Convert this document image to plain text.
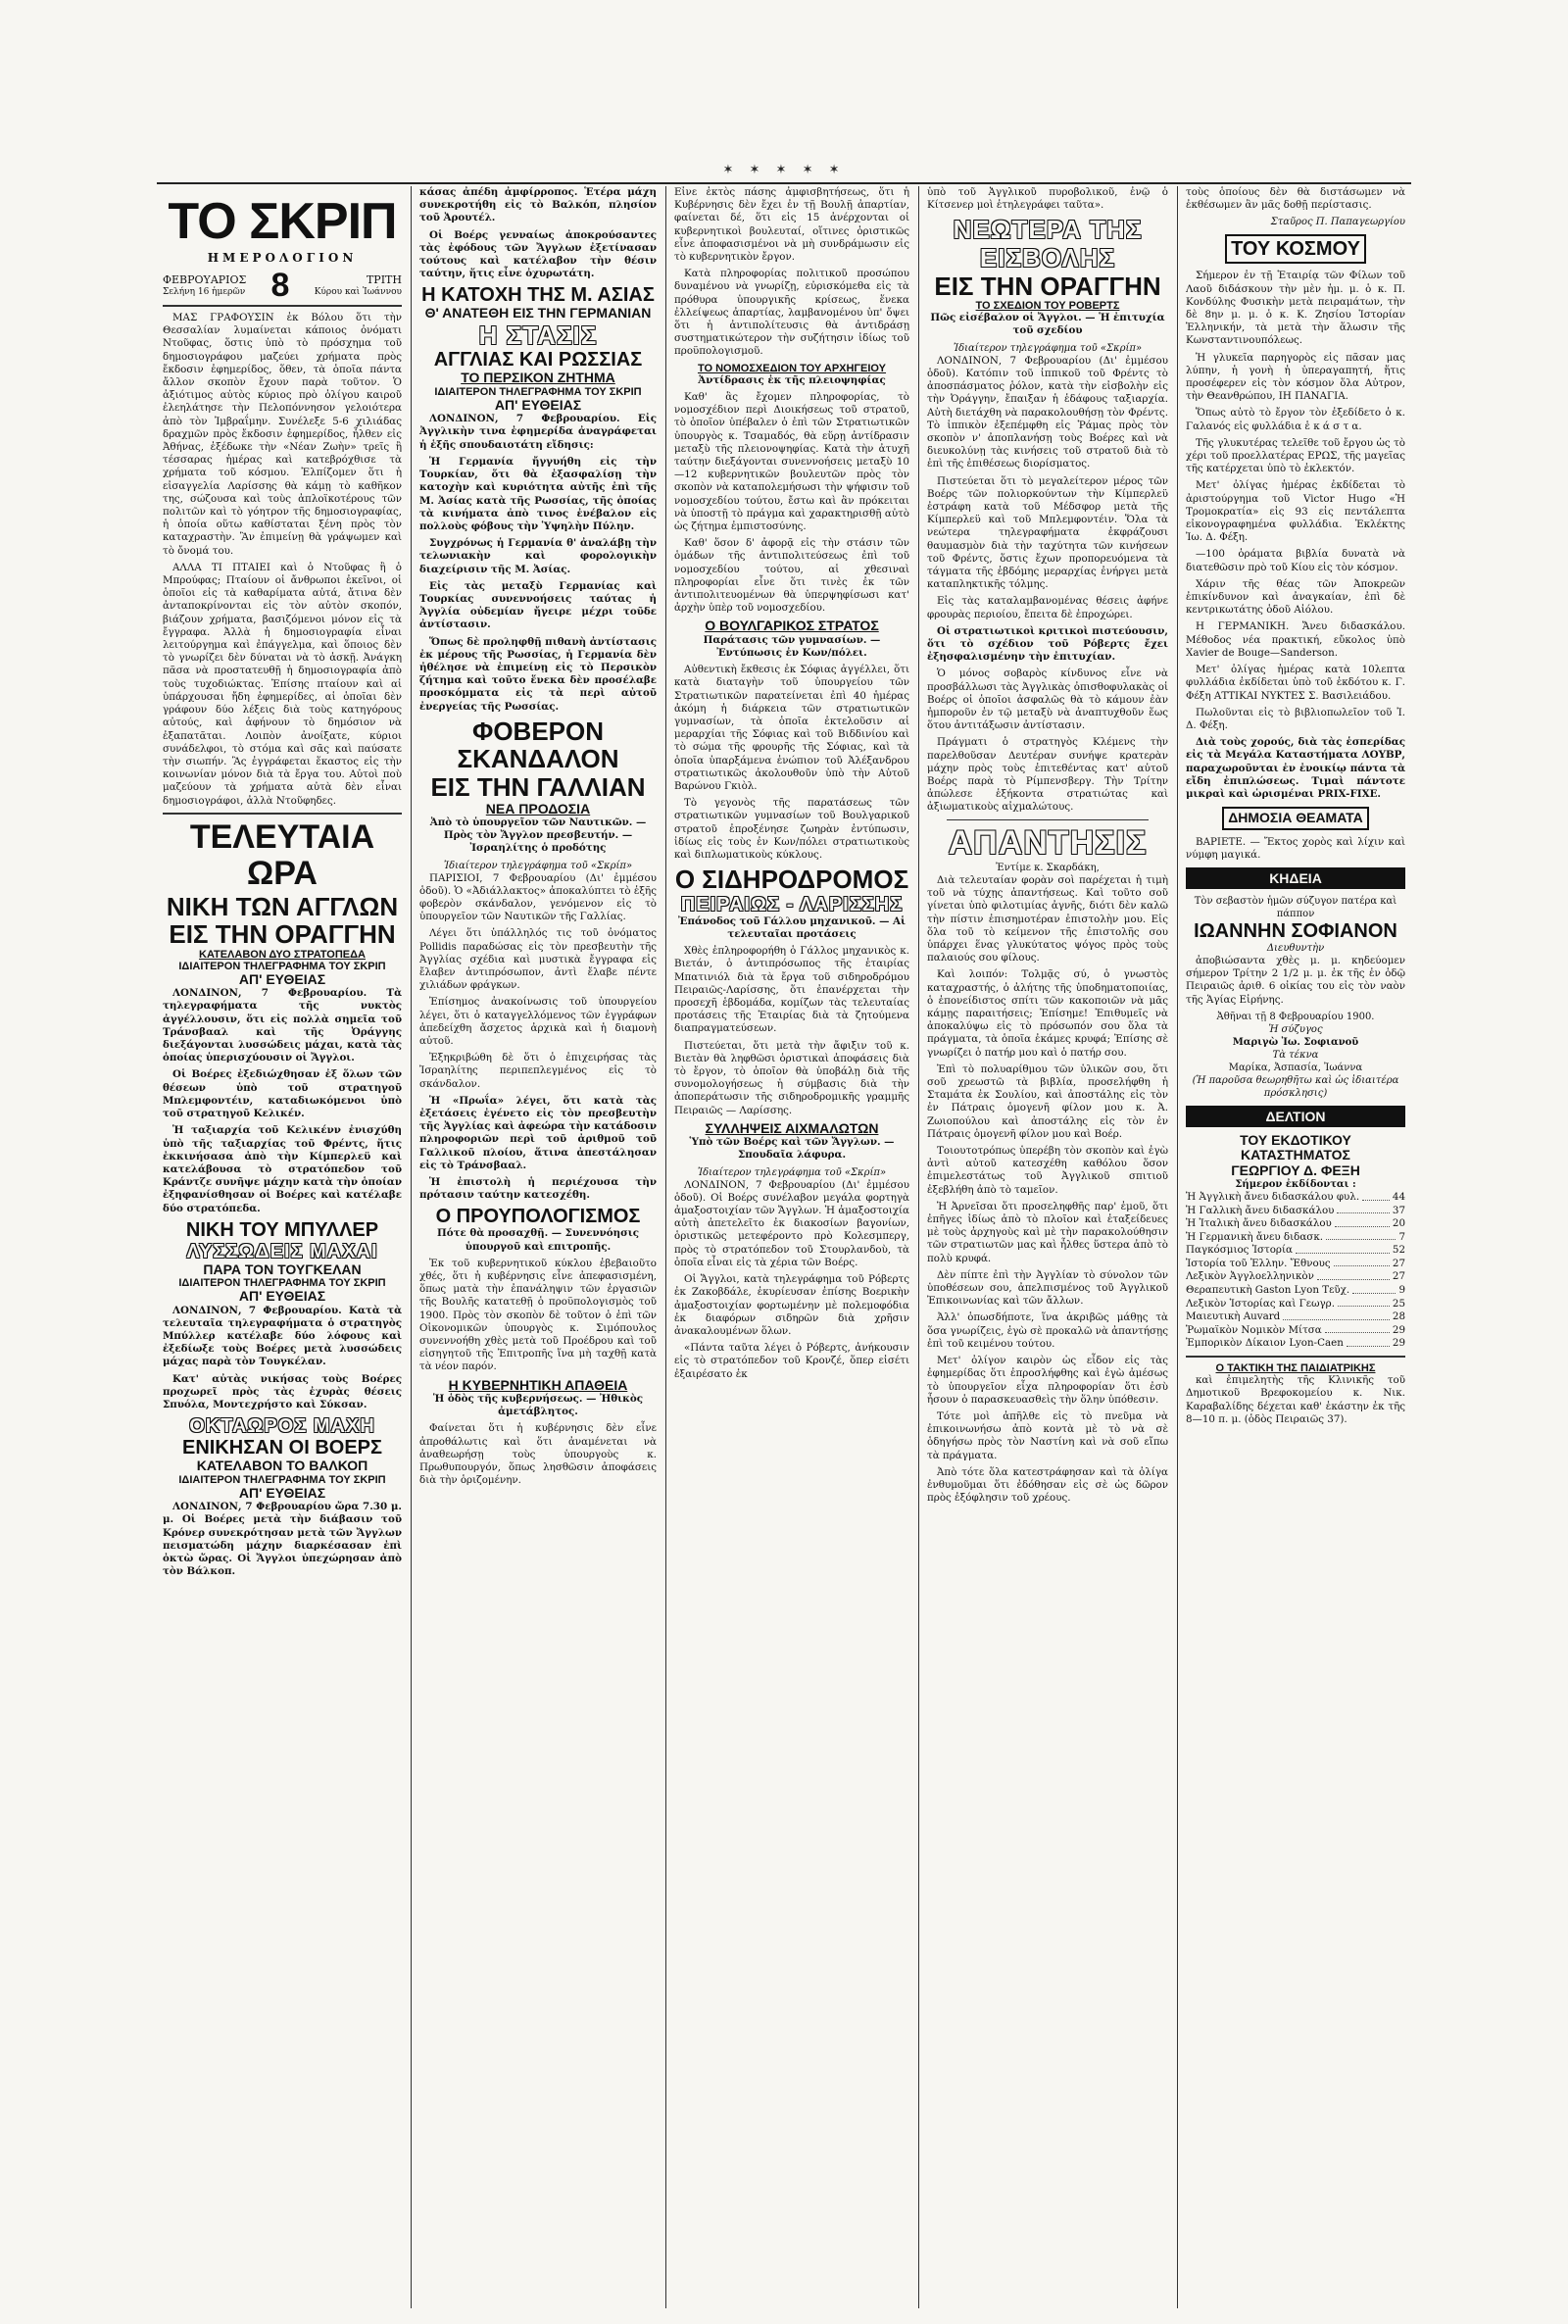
✶ ✶ ✶ ✶ ✶
ΤΟ ΣΚΡΙΠ
ΗΜΕΡΟΛΟΓΙΟΝ
ΦΕΒΡΟΥΑΡΙΟΣ
Σελήνη 16 ἡμερῶν 8	ΤΡΙΤΗ
Κύρου καὶ Ἰωάννου

ΜΑΣ ΓΡΑΦΟΥΣΙΝ ἐκ Βόλου ὅτι τὴν Θεσσαλίαν λυμαίνεται κάποιος ὀνόματι Ντοῦφας, ὅστις ὑπὸ τὸ πρόσχημα τοῦ δημοσιογράφου μαζεύει χρήματα πρὸς ἔκδοσιν ἐφημερίδος, ὅθεν, τὰ ὁποῖα πάντα ἄλλον σκοπὸν ἔχουν παρὰ τοῦτον. Ὁ ἀξιότιμος αὐτὸς κύριος πρὸ ὀλίγου καιροῦ ἐλεηλάτησε τὴν Πελοπόννησον γελοιότερα ἀπὸ τὸν Ἰμβραΐμην. Συνέλεξε 5-6 χιλιάδας δραχμῶν πρὸς ἔκδοσιν ἐφημερίδος, ἦλθεν εἰς Ἀθήνας, ἐξέδωκε τὴν «Νέαν Ζωὴν» τρεῖς ἢ τέσσαρας ἡμέρας καὶ κατεβρόχθισε τὰ χρήματα τοῦ κόσμου. Ἐλπίζομεν ὅτι ἡ εἰσαγγελία Λαρίσσης θὰ κάμῃ τὸ καθῆκον της, σώζουσα καὶ τοὺς ἀπλοϊκοτέρους τῶν πολιτῶν καὶ τὸ γόητρον τῆς δημοσιογραφίας, ἡ ὁποία οὕτω καθίσταται ξένη πρὸς τὸν καταχραστὴν. Ἂν ἐπιμείνῃ θὰ γράψωμεν καὶ τὸ ὄνομά του.

ΑΛΛΑ ΤΙ ΠΤΑΙΕΙ καὶ ὁ Ντοῦφας ἢ ὁ Μπρούφας; Πταίουν οἱ ἄνθρωποι ἐκεῖνοι, οἱ ὁποῖοι εἰς τὰ καθαρίματα αὐτά, ἄτινα δὲν ἀνταποκρίνονται εἰς τὸν αὐτὸν σκοπόν, βιάζουν χρήματα, βασιζόμενοι μόνον εἰς τὰ ἔγγραφα. Ἀλλὰ ἡ δημοσιογραφία εἶναι λειτούργημα καὶ ἐπάγγελμα, καὶ ὅποιος δὲν τὸ γνωρίζει δὲν δύναται νὰ τὸ ἀσκῇ. Ἀνάγκη πᾶσα νὰ προστατευθῇ ἡ δημοσιογραφία ἀπὸ τοὺς τυχοδιώκτας. Ἐπίσης πταίουν καὶ αἱ ὑπάρχουσαι ἤδη ἐφημερίδες, αἱ ὁποῖαι δὲν γράφουν δύο λέξεις διὰ τοὺς κατηγόρους αὐτούς, καὶ ἀφήνουν τὸ δημόσιον νὰ ἐξαπατᾶται. Λοιπὸν ἀνοίξατε, κύριοι συνάδελφοι, τὸ στόμα καὶ σᾶς καὶ παύσατε τὴν σιωπήν. Ἂς ἐγγράφεται ἕκαστος εἰς τὴν κοινωνίαν μόνον διὰ τὰ ἔργα του. Αὐτοὶ ποὺ μαζεύουν τὰ χρήματα αὐτὰ δὲν εἶναι δημοσιογράφοι, ἀλλὰ Ντοῦφηδες.

ΤΕΛΕΥΤΑΙΑ ΩΡΑ
ΝΙΚΗ ΤΩΝ ΑΓΓΛΩΝ
ΕΙΣ ΤΗΝ ΟΡΑΓΓΗΝ
ΚΑΤΕΛΑΒΟΝ ΔΥΟ ΣΤΡΑΤΟΠΕΔΑ
ΙΔΙΑΙΤΕΡΟΝ ΤΗΛΕΓΡΑΦΗΜΑ ΤΟΥ ΣΚΡΙΠ
ΑΠ' ΕΥΘΕΙΑΣ

ΛΟΝΔΙΝΟΝ, 7 Φεβρουαρίου. Τὰ τηλεγραφήματα τῆς νυκτὸς ἀγγέλλουσιν, ὅτι εἰς πολλὰ σημεῖα τοῦ Τράνσβααλ καὶ τῆς Ὀράγγης διεξάγονται λυσσώδεις μάχαι, κατὰ τὰς ὁποίας ὑπερισχύουσιν οἱ Ἄγγλοι.

Οἱ Βοέρες ἐξεδιώχθησαν ἐξ ὅλων τῶν θέσεων ὑπὸ τοῦ στρατηγοῦ Μπλεμφοντέιν, καταδιωκόμενοι ὑπὸ τοῦ στρατηγοῦ Κελικέν.

Ἡ ταξιαρχία τοῦ Κελικένν ἐνισχύθη ὑπὸ τῆς ταξιαρχίας τοῦ Φρέντς, ἥτις ἐκκινήσασα ἀπὸ τὴν Κίμπερλεϋ καὶ κατελάβουσα τὸ στρατόπεδον τοῦ Κράντζε συνῆψε μάχην κατὰ τὴν ὁποίαν ἐξηφανίσθησαν οἱ Βοέρες καὶ κατέλαβε δύο στρατόπεδα.

ΝΙΚΗ ΤΟΥ ΜΠΥΛΛΕΡ
ΛΥΣΣΩΔΕΙΣ ΜΑΧΑΙ
ΠΑΡΑ ΤΟΝ ΤΟΥΓΚΕΛΑΝ
ΙΔΙΑΙΤΕΡΟΝ ΤΗΛΕΓΡΑΦΗΜΑ ΤΟΥ ΣΚΡΙΠ
ΑΠ' ΕΥΘΕΙΑΣ

ΛΟΝΔΙΝΟΝ, 7 Φεβρουαρίου. Κατὰ τὰ τελευταῖα τηλεγραφήματα ὁ στρατηγὸς Μπύλλερ κατέλαβε δύο λόφους καὶ ἐξεδίωξε τοὺς Βοέρες μετὰ λυσσώδεις μάχας παρὰ τὸν Τουγκέλαν.

Κατ' αὐτὰς νικήσας τοὺς Βοέρες προχωρεῖ πρὸς τὰς ἐχυρὰς θέσεις Σπυόλα, Μοντεχρήστο καὶ Σύκσαν.

ΟΚΤΑΩΡΟΣ ΜΑΧΗ
ΕΝΙΚΗΣΑΝ ΟΙ ΒΟΕΡΣ
ΚΑΤΕΛΑΒΟΝ ΤΟ ΒΑΛΚΟΠ
ΙΔΙΑΙΤΕΡΟΝ ΤΗΛΕΓΡΑΦΗΜΑ ΤΟΥ ΣΚΡΙΠ
ΑΠ' ΕΥΘΕΙΑΣ

ΛΟΝΔΙΝΟΝ, 7 Φεβρουαρίου ὥρα 7.30 μ. μ. Οἱ Βοέρες μετὰ τὴν διάβασιν τοῦ Κρόνερ συνεκρότησαν μετὰ τῶν Ἄγγλων πεισματώδη μάχην διαρκέσασαν ἐπὶ ὀκτὼ ὥρας. Οἱ Ἄγγλοι ὑπεχώρησαν ἀπὸ τὸν Βάλκοπ.

κάσας ἀπέδη ἀμφίρροπος. Ἑτέρα μάχη συνεκροτήθη εἰς τὸ Βαλκόπ, πλησίον τοῦ Ἀρουτέλ.

Οἱ Βοέρς γενναίως ἀποκρούσαντες τὰς ἐφόδους τῶν Ἄγγλων ἐξετίνασαν τούτους καὶ κατέλαβον τὴν θέσιν ταύτην, ἥτις εἶνε ὀχυρωτάτη.

Η ΚΑΤΟΧΗ ΤΗΣ Μ. ΑΣΙΑΣ
Θ' ΑΝΑΤΕΘΗ ΕΙΣ ΤΗΝ ΓΕΡΜΑΝΙΑΝ
Η ΣΤΑΣΙΣ
ΑΓΓΛΙΑΣ ΚΑΙ ΡΩΣΣΙΑΣ
ΤΟ ΠΕΡΣΙΚΟΝ ΖΗΤΗΜΑ
ΙΔΙΑΙΤΕΡΟΝ ΤΗΛΕΓΡΑΦΗΜΑ ΤΟΥ ΣΚΡΙΠ
ΑΠ' ΕΥΘΕΙΑΣ

ΛΟΝΔΙΝΟΝ, 7 Φεβρουαρίου. Εἰς Ἀγγλικὴν τινα ἐφημερίδα ἀναγράφεται ἡ ἑξῆς σπουδαιοτάτη εἴδησις:

Ἡ Γερμανία ἤγγυήθη εἰς τὴν Τουρκίαν, ὅτι θὰ ἐξασφαλίσῃ τὴν κατοχὴν καὶ κυριότητα αὐτῆς ἐπὶ τῆς Μ. Ἀσίας κατὰ τῆς Ρωσσίας, τῆς ὁποίας τὰ κινήματα ἀπὸ τινος ἐνέβαλον εἰς πολλοὺς φόβους τὴν Ὑψηλὴν Πύλην.

Συγχρόνως ἡ Γερμανία θ' ἀναλάβῃ τὴν τελωνιακὴν καὶ φορολογικὴν διαχείρισιν τῆς Μ. Ἀσίας.

Εἰς τὰς μεταξὺ Γερμανίας καὶ Τουρκίας συνεννοήσεις ταύτας ἡ Ἀγγλία οὐδεμίαν ἤγειρε μέχρι τοῦδε ἀντίστασιν.

Ὅπως δὲ προληφθῇ πιθανὴ ἀντίστασις ἐκ μέρους τῆς Ρωσσίας, ἡ Γερμανία δὲν ἠθέλησε νὰ ἐπιμείνῃ εἰς τὸ Περσικὸν ζήτημα καὶ τοῦτο ἕνεκα δὲν προσέλαβε προσκόμματα εἰς τὰ περὶ αὐτοῦ ἐνεργείας τῆς Ρωσσίας.

ΦΟΒΕΡΟΝ ΣΚΑΝΔΑΛΟΝ
ΕΙΣ ΤΗΝ ΓΑΛΛΙΑΝ
ΝΕΑ ΠΡΟΔΟΣΙΑ

Ἀπὸ τὸ ὑπουργεῖον τῶν Ναυτικῶν. — Πρὸς τὸν Ἄγγλον πρεσβευτήν. — Ἰσραηλίτης ὁ προδότης

Ἰδιαίτερον τηλεγράφημα τοῦ «Σκρίπ»

ΠΑΡΙΣΙΟΙ, 7 Φεβρουαρίου (Δι' ἐμμέσου ὁδοῦ). Ὁ «Ἀδιάλλακτος» ἀποκαλύπτει τὸ ἑξῆς φοβερὸν σκάνδαλον, γενόμενον εἰς τὸ ὑπουργεῖον τῶν Ναυτικῶν τῆς Γαλλίας.

Λέγει ὅτι ὑπάλληλός τις τοῦ ὀνόματος Pollidis παραδώσας εἰς τὸν πρεσβευτὴν τῆς Ἀγγλίας σχέδια καὶ μυστικὰ ἔγγραφα εἰς ἔλαβεν ἀντιπρόσωπον, ἀντὶ ἔλαβε πέντε χιλιάδων φράγκων.

Ἐπίσημος ἀνακοίνωσις τοῦ ὑπουργείου λέγει, ὅτι ὁ καταγγελλόμενος τῶν ἐγγράφων ἀπεδείχθη ἄσχετος ἀρχικὰ καὶ ἡ διαμονὴ αὐτοῦ.

Ἐξηκριβώθη δὲ ὅτι ὁ ἐπιχειρήσας τὰς Ἰσραηλίτης περιπεπλεγμένος εἰς τὸ σκάνδαλον.

Ἡ «Πρωΐα» λέγει, ὅτι κατὰ τὰς ἐξετάσεις ἐγένετο εἰς τὸν πρεσβευτὴν τῆς Ἀγγλίας καὶ ἀφεώρα τὴν κατάδοσιν πληροφοριῶν περὶ τοῦ ἀριθμοῦ τοῦ Γαλλικοῦ πλοίου, ἅτινα ἀπεστάλησαν εἰς τὸ Τράνσβααλ.

Ἡ ἐπιστολὴ ἡ περιέχουσα τὴν πρότασιν ταύτην κατεσχέθη.

Ο ΠΡΟΥΠΟΛΟΓΙΣΜΟΣ

Πότε θὰ προσαχθῇ. — Συνεννόησις ὑπουργοῦ καὶ επιτροπῆς.

Ἐκ τοῦ κυβερνητικοῦ κύκλου ἐβεβαιοῦτο χθές, ὅτι ἡ κυβέρνησις εἶνε ἀπεφασισμένη, ὅπως ματὰ τὴν ἐπανάληψιν τῶν ἐργασιῶν τῆς Βουλῆς κατατεθῇ ὁ προϋπολογισμὸς τοῦ 1900. Πρὸς τὸν σκοπὸν δὲ τοῦτον ὁ ἐπὶ τῶν Οἰκονομικῶν ὑπουργὸς κ. Σιμόπουλος συνεννοήθη χθὲς μετὰ τοῦ Προέδρου καὶ τοῦ εἰσηγητοῦ τῆς Ἐπιτροπῆς ἵνα μὴ ταχθῇ κατὰ τὰ νέον παρόν.

Η ΚΥΒΕΡΝΗΤΙΚΗ ΑΠΑΘΕΙΑ

Ἡ ὁδὸς τῆς κυβερνήσεως. — Ἠθικὸς ἀμετάβλητος.

Φαίνεται ὅτι ἡ κυβέρνησις δὲν εἶνε ἀπροθάλωτις καὶ ὅτι ἀναμένεται νὰ ἀναθεωρήσῃ τοὺς ὑπουργοὺς κ. Πρωθυπουργόν, ὅπως λησθῶσιν ἀποφάσεις διὰ τὴν ὁριζομένην.

Εἶνε ἐκτὸς πάσης ἀμφισβητήσεως, ὅτι ἡ Κυβέρνησις δὲν ἔχει ἐν τῇ Βουλῇ ἀπαρτίαν, φαίνεται δέ, ὅτι εἰς 15 ἀνέρχονται οἱ κυβερνητικοὶ βουλευταί, οἵτινες ὁριστικῶς εἶνε ἀποφασισμένοι νὰ μὴ συνδράμωσιν εἰς τὸ κυβερνητικὸν ἔργον.

Κατὰ πληροφορίας πολιτικοῦ προσώπου δυναμένου νὰ γνωρίζῃ, εὐρισκόμεθα εἰς τὰ πρόθυρα ὑπουργικῆς κρίσεως, ἕνεκα ἐλλείψεως ἀπαρτίας, λαμβανομένου ὑπ' ὄψει ὅτι ἡ ἀντιπολίτευσις θὰ ἀντιδράσῃ συστηματικώτερον τὴν συζήτησιν ἰδίως τοῦ προϋπολογισμοῦ.

ΤΟ ΝΟΜΟΣΧΕΔΙΟΝ ΤΟΥ ΑΡΧΗΓΕΙΟΥ

Ἀντίδρασις ἐκ τῆς πλειοψηφίας

Καθ' ἃς ἔχομεν πληροφορίας, τὸ νομοσχέδιον περὶ Διοικήσεως τοῦ στρατοῦ, τὸ ὁποῖον ὑπέβαλεν ὁ ἐπὶ τῶν Στρατιωτικῶν ὑπουργὸς κ. Τσαμαδός, θὰ εὕρῃ ἀντίδρασιν μεταξὺ τῆς πλειονοψηφίας. Κατὰ τὴν ἀτυχῆ ταύτην διεξάγονται συνεννοήσεις μεταξὺ 10—12 κυβερνητικῶν βουλευτῶν πρὸς τὸν σκοπὸν νὰ καταπολεμήσωσι τὴν ψήφισιν τοῦ νομοσχεδίου τούτου, ἔστω καὶ ἂν πρόκειται νὰ ὑποστῇ τὸ πράγμα καὶ χαρακτηρισθῇ αὐτὸ ὡς ζήτημα ἐμπιστοσύνης.

Καθ' ὅσον δ' ἀφορᾷ εἰς τὴν στάσιν τῶν ὁμάδων τῆς ἀντιπολιτεύσεως ἐπὶ τοῦ νομοσχεδίου τούτου, αἱ χθεσιναὶ πληροφορίαι εἶνε ὅτι τινὲς ἐκ τῶν ἀντιπολιτευομένων θὰ ὑπερψηφίσωσι κατ' ἀρχὴν ὑπὲρ τοῦ νομοσχεδίου.

Ο ΒΟΥΛΓΑΡΙΚΟΣ ΣΤΡΑΤΟΣ

Παράτασις τῶν γυμνασίων. — Ἐντύπωσις ἐν Κων/πόλει.

Αὐθεντικὴ ἔκθεσις ἐκ Σόφιας ἀγγέλλει, ὅτι κατὰ διαταγὴν τοῦ ὑπουργείου τῶν Στρατιωτικῶν παρατείνεται ἐπὶ 40 ἡμέρας ἀκόμη ἡ διάρκεια τῶν στρατιωτικῶν γυμνασίων, τὰ ὁποῖα ἐκτελοῦσιν αἱ μεραρχίαι τῆς Σόφιας καὶ τοῦ Βιδδινίου καὶ τὸ σώμα τῆς φρουρῆς τῆς Σόφιας, καὶ τὰ ὁποῖα ὑπαρξάμενα ἐνώπιον τοῦ Ἀλέξανδρου στρατιωτικῶς ἀκολουθοῦν ὑπὸ τὴν Αὐτοῦ Βαρώνου Γκιὸλ.

Τὸ γεγονὸς τῆς παρατάσεως τῶν στρατιωτικῶν γυμνασίων τοῦ Βουλγαρικοῦ στρατοῦ ἐπροξένησε ζωηρὰν ἐντύπωσιν, ἰδίως εἰς τοὺς ἐν Κων/πόλει στρατιωτικοὺς καὶ διπλωματικοὺς κύκλους.

Ο ΣΙΔΗΡΟΔΡΟΜΟΣ
ΠΕΙΡΑΙΩΣ - ΛΑΡΙΣΣΗΣ

Ἐπάνοδος τοῦ Γάλλου μηχανικοῦ. — Αἱ τελευταῖαι προτάσεις

Χθὲς ἐπληροφορήθη ὁ Γάλλος μηχανικὸς κ. Βιετάν, ὁ ἀντιπρόσωπος τῆς ἑταιρίας Μπατινιόλ διὰ τὰ ἔργα τοῦ σιδηροδρόμου Πειραιῶς-Λαρίσσης, ὅτι ἐπανέρχεται τὴν προσεχῆ ἑβδομάδα, κομίζων τὰς τελευταίας προτάσεις τῆς Ἑταιρίας διὰ τὰ ζητούμενα διαπραγματεύσεων.

Πιστεύεται, ὅτι μετὰ τὴν ἄφιξιν τοῦ κ. Βιετὰν θὰ ληφθῶσι ὁριστικαὶ ἀποφάσεις διὰ τὸ ἔργον, τὸ ὁποῖον θὰ ὑποβάλῃ διὰ τῆς συνομολογήσεως ἡ σύμβασις διὰ τὴν ἀποπεράτωσιν τῆς σιδηροδρομικῆς γραμμῆς Πειραιῶς — Λαρίσσης.

ΣΥΛΛΗΨΕΙΣ ΑΙΧΜΑΛΩΤΩΝ

Ὑπὸ τῶν Βοέρς καὶ τῶν Ἄγγλων. — Σπουδαῖα λάφυρα.

Ἰδιαίτερον τηλεγράφημα τοῦ «Σκρίπ»

ΛΟΝΔΙΝΟΝ, 7 Φεβρουαρίου (Δι' ἐμμέσου ὁδοῦ). Οἱ Βοέρς συνέλαβον μεγάλα φορτηγὰ ἀμαξοστοιχίαν τῶν Ἄγγλων. Ἡ ἀμαξοστοιχία αὐτὴ ἀπετελεῖτο ἐκ διακοσίων βαγονίων, ὁριστικῶς μετεφέροντο πρὸ Κολεσμπεργ, πρὸς τὸ στρατόπεδον τοῦ Στουρλανδοὺ, τὰ ὁποῖα εἶναι εἰς τὰ χέρια τῶν Βοέρς.

Οἱ Ἄγγλοι, κατὰ τηλεγράφημα τοῦ Ρόβερτς ἐκ Ζακοβδάλε, ἐκυρίευσαν ἐπίσης Βοερικὴν ἀμαξοστοιχίαν φορτωμένην μὲ πολεμοφόδια ἐκ διαφόρων σιδηρῶν διὰ χρῆσιν ἀνακαλουμένων ὅλων.

«Πάντα ταῦτα λέγει ὁ Ρόβερτς, ἀνήκουσιν εἰς τὸ στρατόπεδον τοῦ Κρονζέ, ὅπερ εἰσέτι ἐξαιρέσατο ἐκ

ὑπὸ τοῦ Ἀγγλικοῦ πυροβολικοῦ, ἐνῷ ὁ Κίτσενερ μοὶ ἐτηλεγράφει ταῦτα».

ΝΕΩΤΕΡΑ ΤΗΣ ΕΙΣΒΟΛΗΣ
ΕΙΣ ΤΗΝ ΟΡΑΓΓΗΝ
ΤΟ ΣΧΕΔΙΟΝ ΤΟΥ ΡΟΒΕΡΤΣ

Πῶς εἰσέβαλον οἱ Ἄγγλοι. — Ἡ ἐπιτυχία τοῦ σχεδίου

Ἰδιαίτερον τηλεγράφημα τοῦ «Σκρίπ»

ΛΟΝΔΙΝΟΝ, 7 Φεβρουαρίου (Δι' ἐμμέσου ὁδοῦ). Κατόπιν τοῦ ἱππικοῦ τοῦ Φρέντς τὸ ἀποσπάσματος ῥόλον, κατὰ τὴν εἰσβολὴν εἰς τὴν Ὀράγγην, ἔπαιξαν ἡ ἑδάφους ταξιαρχία. Αὐτὴ διετάχθη νὰ παρακολουθήσῃ τὸν Φρέντς. Τὸ ἱππικὸν ἐξεπέμφθη εἰς Ῥάμας πρὸς τὸν σκοπὸν ν' ἀποπλανήσῃ τοὺς Βοέρες καὶ νὰ διευκολύνῃ τὰς κινήσεις τοῦ στρατοῦ διὰ τὸ ἐπὶ τῆς ἐπιθέσεως διορίσματος.

Πιστεύεται ὅτι τὸ μεγαλείτερον μέρος τῶν Βοέρς τῶν πολιορκούντων τὴν Κίμπερλεϋ ἐστράφη κατὰ τοῦ Μέδσφορ μετὰ τῆς Κίμπερλεϋ καὶ τοῦ Μπλεμφοντέιν. Ὅλα τὰ νεώτερα τηλεγραφήματα ἐκφράζουσι θαυμασμὸν διὰ τὴν ταχύτητα τῶν κινήσεων τοῦ Φρέντς, ὅστις ἔχων προπορευόμενα τὰ τάγματα τῆς ἑβδόμης μεραρχίας ἐνήργει μετὰ καταπληκτικῆς τόλμης.

Εἰς τὰς καταλαμβανομένας θέσεις ἀφήνε φρουρὰς περιοίου, ἔπειτα δὲ ἐπροχώρει.

Οἱ στρατιωτικοὶ κριτικοὶ πιστεύουσιν, ὅτι τὸ σχέδιον τοῦ Ρόβερτς ἔχει ἐξησφαλισμένην τὴν ἐπιτυχίαν.

Ὁ μόνος σοβαρὸς κίνδυνος εἶνε νὰ προσβάλλωσι τὰς Ἀγγλικὰς ὀπισθοφυλακὰς οἱ Βοέρς οἱ ὁποῖοι ἀσφαλῶς θὰ τὸ κάμουν ἐὰν ἠμποροῦν ἐν τῷ μεταξὺ νὰ ἀναπτυχθοῦν ἕως ὅτου ἀντιτάξωσιν ἀντίστασιν.

Πράγματι ὁ στρατηγὸς Κλέμενς τὴν παρελθοῦσαν Δευτέραν συνήψε κρατερὰν μάχην πρὸς τοὺς ἐπιτεθέντας κατ' αὐτοῦ Βοέρς παρὰ τὸ Ρίμπενσβεργ. Τὴν Τρίτην ἀπώλεσε ἑξήκοντα στρατιώτας καὶ ἀξιωματικοὺς αἰχμαλώτους.

ΑΠΑΝΤΗΣΙΣ

Ἐντίμε κ. Σκαρδάκη,

Διὰ τελευταίαν φορὰν σοὶ παρέχεται ἡ τιμὴ τοῦ νὰ τύχῃς ἀπαντήσεως. Καὶ τοῦτο σοῦ γίνεται ὑπὸ φιλοτιμίας ἀγνῆς, διότι δὲν καλῶ τὴν πίστιν ἐπισημοτέραν ἐπιστολὴν μου. Εἰς ὅλα τοῦ τὸ κείμενον τῆς ἐπιστολῆς σου ὑπάρχει ἕνας γλυκύτατος ψόγος πρὸς τοὺς παλαιούς σου φίλους.

Καὶ λοιπόν: Τολμᾷς σύ, ὁ γνωστὸς καταχραστής, ὁ ἀλήτης τῆς ὑποδηματοποιίας, ὁ ἐπονείδιστος σπίτι τῶν κακοποιῶν νὰ μᾶς κάμῃς παραιτήσεις; Ἐπίσημε! Ἐπιθυμεῖς νὰ ἀποκαλύψω εἰς τὸ πρόσωπόν σου ὅλα τὰ πράγματα, τὰ ὁποῖα ἐκάμες κρυφά; Ἐπίσης σὲ γνωρίζει ὁ πατήρ μου καὶ ὁ πατήρ σου.

Ἐπὶ τὸ πολυαρίθμου τῶν ὑλικῶν σου, ὅτι σοῦ χρεωστῶ τὰ βιβλία, προσελήφθη ἡ Σταμάτα ἐκ Σουλίου, καὶ ἀποστάλης εἰς τὸν ἐν Πάτραις ὁμογενῆ φίλον μου κ. Ἀ. Ζωιοπούλου καὶ ἀποστάλης εἰς τὸν ἐν Πάτραις ὁμογενῆ φίλον μου καὶ Βοέρ.

Τοιουτοτρόπως ὑπερέβη τὸν σκοπὸν καὶ ἐγὼ ἀντὶ αὐτοῦ κατεσχέθη καθόλου ὅσον ἐπιμελεστάτως τοῦ Ἀγγλικοῦ σπιτιοῦ ἐξεβλήθη ἀπὸ τὸ ταμεῖον.

Ἡ Ἀρνεῖσαι ὅτι προσεληφθῆς παρ' ἐμοῦ, ὅτι ἐπῆγες ἰδίως ἀπὸ τὸ πλοῖον καὶ ἐταξείδευες μὲ τοὺς ἀρχηγοὺς καὶ μὲ τὴν παρακολούθησιν τῶν στρατιωτῶν μας καὶ ἦλθες ὕστερα ἀπὸ τὸ πολὺ κρυφά.

Δὲν πίπτε ἐπὶ τὴν Ἀγγλίαν τὸ σύνολον τῶν ὑποθέσεων σου, ἀπελπισμένος τοῦ Ἀγγλικοῦ Ἐπικοινωνίας καὶ τῶν ἄλλων.

Ἀλλ' ὁπωσδήποτε, ἵνα ἀκριβῶς μάθῃς τὰ ὅσα γνωρίζεις, ἐγὼ σὲ προκαλῶ νὰ ἀπαντήσῃς ἐπὶ τοῦ κειμένου τούτου.

Μετ' ὀλίγον καιρὸν ὡς εἶδον εἰς τὰς ἐφημερίδας ὅτι ἐπροσλήφθης καὶ ἐγὼ ἀμέσως τὸ ὑπουργεῖον εἶχα πληροφορίαν ὅτι ἐσὺ ἦσουν ὁ παρασκευασθεὶς τὴν ὅλην ὑπόθεσιν.

Τότε μοὶ ἀπῆλθε εἰς τὸ πνεῦμα νὰ ἐπικοινωνήσω ἀπὸ κοντὰ μὲ τὸ νὰ σὲ ὁδηγήσω πρὸς τὸν Ναστίνη καὶ νὰ σοῦ εἴπω τὰ πράγματα.

Ἀπὸ τότε ὅλα κατεστράφησαν καὶ τὰ ὀλίγα ἐνθυμοῦμαι ὅτι ἐδόθησαν εἰς σὲ ὡς δῶρον πρὸς ἐξόφλησιν τοῦ χρέους.

τοὺς ὁποίους δὲν θὰ διστάσωμεν νὰ ἐκθέσωμεν ἂν μᾶς δοθῇ περίστασις.

Σταῦρος Π. Παπαγεωργίου

ΤΟΥ ΚΟΣΜΟΥ

Σήμερον ἐν τῇ Ἑταιρίᾳ τῶν Φίλων τοῦ Λαοῦ διδάσκουν τὴν μὲν ἡμ. μ. ὁ κ. Π. Κονδύλης Φυσικὴν μετὰ πειραμάτων, τὴν δὲ 8ην μ. μ. ὁ κ. Κ. Ζησίου Ἱστορίαν Ἑλληνικήν, τὰ μετὰ τὴν ἅλωσιν τῆς Κωνσταντινουπόλεως.

Ἡ γλυκεῖα παρηγορὸς εἰς πᾶσαν μας λύπην, ἡ γονὴ ἡ ὑπεραγαπητή, ἥτις προσέφερεν εἰς τὸν κόσμον ὅλα Αὐτρον, τὴν Θεανθρώπου, ΙΗ ΠΑΝΑΓΙΑ.

Ὅπως αὐτὸ τὸ ἔργον τὸν ἐξεδίδετο ὁ κ. Γαλανός εἰς φυλλάδια ἑ κ ά σ τ α.

Τῆς γλυκυτέρας τελεῖθε τοῦ ἔργου ὡς τὸ χέρι τοῦ προελλατέρας ΕΡΩΣ, τῆς μαγεῖας τῆς κατέρχεται ὑπὸ τὸ ἐκλεκτόν.

Μετ' ὀλίγας ἡμέρας ἐκδίδεται τὸ ἀριστούργημα τοῦ Victor Hugo «Ἡ Τρομοκρατία» εἰς 93 εἰς πεντάλεπτα εἰκονογραφημένα φυλλάδια. Ἐκλέκτης Ἰω. Δ. Φέξη.

—100 ὁράματα βιβλία δυνατὰ νὰ διατεθῶσιν πρὸ τοῦ Κίου εἰς τὸν κόσμον.

Χάριν τῆς θέας τῶν Ἀποκρεῶν ἐπικίνδυνον καὶ ἀναγκαίαν, ἐπὶ δὲ κεντρικωτάτης ὁδοῦ Αἰόλου.

Η ΓΕΡΜΑΝΙΚΗ. Ἄνευ διδασκάλου. Μέθοδος νέα πρακτική, εὔκολος ὑπὸ Xavier de Bouge—Sanderson.

Μετ' ὀλίγας ἡμέρας κατὰ 10λεπτα φυλλάδια ἐκδίδεται ὑπὸ τοῦ ἐκδότου κ. Γ. Φέξη ΑΤΤΙΚΑΙ ΝΥΚΤΕΣ Σ. Βασιλειάδου.

Πωλοῦνται εἰς τὸ βιβλιοπωλεῖον τοῦ Ἰ. Δ. Φέξη.

Διὰ τοὺς χορούς, διὰ τὰς ἑσπερίδας εἰς τὰ Μεγάλα Καταστήματα ΛΟΥΒΡ, παραχωροῦνται ἐν ἐνοικίῳ πάντα τὰ εἴδη ἐπιπλώσεως. Τιμαὶ πάντοτε μικραὶ καὶ ὡρισμέναι PRIX-FIXE.

ΔΗΜΟΣΙΑ ΘΕΑΜΑΤΑ

ΒΑΡΙΕΤΕ. — Ἔκτος χορὸς καὶ λίχιν καὶ νύμφη μαγικά.

ΚΗΔΕΙΑ

Τὸν σεβαστὸν ἡμῶν σύζυγον πατέρα καὶ πάππον

ΙΩΑΝΝΗΝ ΣΟΦΙΑΝΟΝ

Διευθυντὴν

ἀποβιώσαντα χθὲς μ. μ. κηδεύομεν σήμερον Τρίτην 2 1/2 μ. μ. ἐκ τῆς ἐν ὁδῷ Πειραιῶς ἀριθ. 6 οἰκίας του εἰς τὸν ναὸν τῆς Ἁγίας Εἰρήνης.

Ἀθῆναι τῇ 8 Φεβρουαρίου 1900.

Ἡ σύζυγος

Μαριγὼ Ἰω. Σοφιανοῦ

Τὰ τέκνα

Μαρίκα, Ἀσπασία, Ἰωάννα

(Ἡ παροῦσα θεωρηθῆτω καὶ ὡς ἰδιαιτέρα πρόσκλησις)

ΔΕΛΤΙΟΝ
ΤΟΥ ΕΚΔΟΤΙΚΟΥ ΚΑΤΑΣΤΗΜΑΤΟΣ
ΓΕΩΡΓΙΟΥ Δ. ΦΕΞΗ

Σήμερον ἐκδίδονται :

Ἡ Ἀγγλικὴ ἄνευ διδασκάλου φυλ.	44
Ἡ Γαλλικὴ ἄνευ διδασκάλου	37
Ἡ Ἰταλικὴ ἄνευ διδασκάλου	20
Ἡ Γερμανικὴ ἄνευ διδασκ.	7
Παγκόσμιος Ἱστορία	52
Ἱστορία τοῦ Ἑλλην. Ἔθνους	27
Λεξικὸν Ἀγγλοελληνικὸν	27
Θεραπευτικὴ Gaston Lyon Τεῦχ.	9
Λεξικὸν Ἱστορίας καὶ Γεωγρ.	25
Μαιευτικὴ Auvard	28
Ῥωμαϊκὸν Νομικὸν Μίτσα	29
Ἐμπορικὸν Δίκαιον Lyon-Caen	29
Ο ΤΑΚΤΙΚΗ ΤΗΣ ΠΑΙΔΙΑΤΡΙΚΗΣ

καὶ ἐπιμελητὴς τῆς Κλινικῆς τοῦ Δημοτικοῦ Βρεφοκομείου κ. Νικ. Καραβαλίδης δέχεται καθ' ἑκάστην ἐκ τῆς 8—10 π. μ. (ὁδὸς Πειραιῶς 37).
